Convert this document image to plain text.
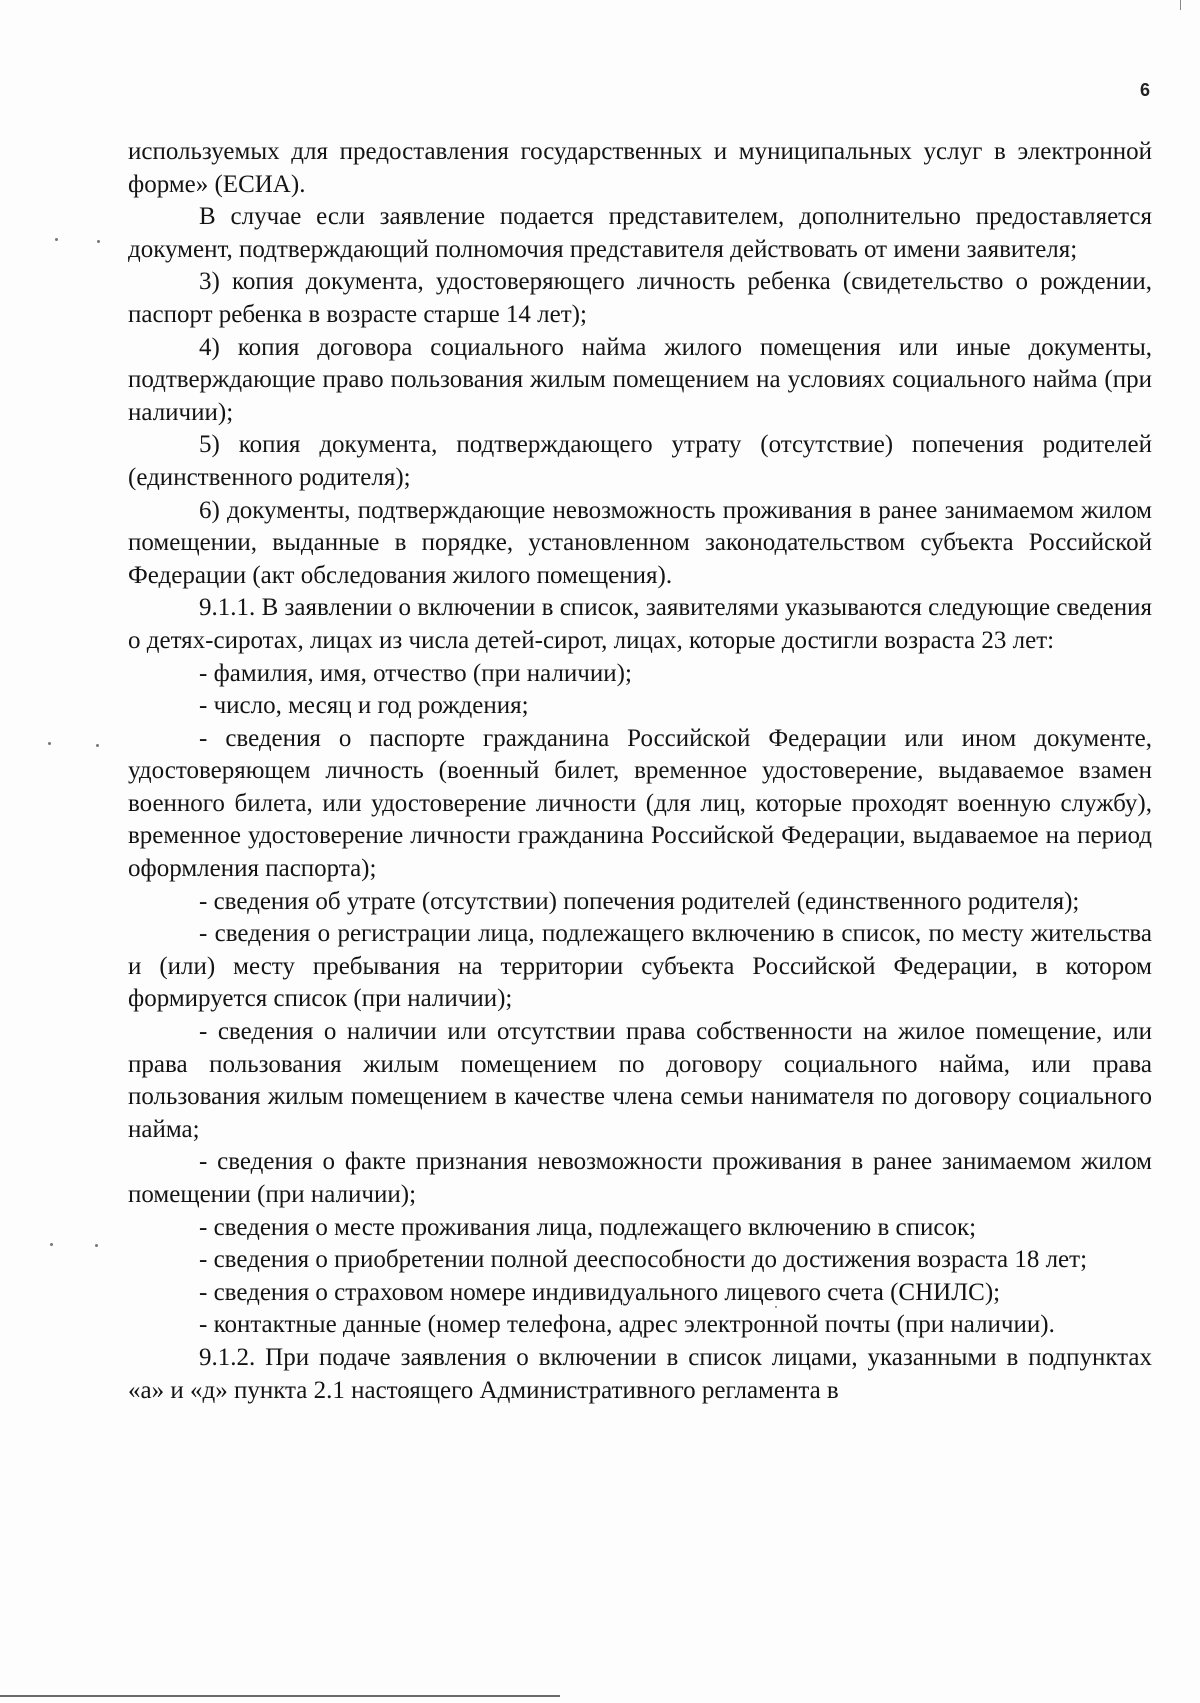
6

используемых для предоставления государственных и муниципальных услуг в электронной форме» (ЕСИА).

В случае если заявление подается представителем, дополнительно предоставляется документ, подтверждающий полномочия представителя действовать от имени заявителя;

3) копия документа, удостоверяющего личность ребенка (свидетельство о рождении, паспорт ребенка в возрасте старше 14 лет);

4) копия договора социального найма жилого помещения или иные документы, подтверждающие право пользования жилым помещением на условиях социального найма (при наличии);

5) копия документа, подтверждающего утрату (отсутствие) попечения родителей (единственного родителя);

6) документы, подтверждающие невозможность проживания в ранее занимаемом жилом помещении, выданные в порядке, установленном законодательством субъекта Российской Федерации (акт обследования жилого помещения).

9.1.1. В заявлении о включении в список, заявителями указываются следующие сведения о детях-сиротах, лицах из числа детей-сирот, лицах, которые достигли возраста 23 лет:

- фамилия, имя, отчество (при наличии);

- число, месяц и год рождения;

- сведения о паспорте гражданина Российской Федерации или ином документе, удостоверяющем личность (военный билет, временное удостоверение, выдаваемое взамен военного билета, или удостоверение личности (для лиц, которые проходят военную службу), временное удостоверение личности гражданина Российской Федерации, выдаваемое на период оформления паспорта);

- сведения об утрате (отсутствии) попечения родителей (единственного родителя);

- сведения о регистрации лица, подлежащего включению в список, по месту жительства и (или) месту пребывания на территории субъекта Российской Федерации, в котором формируется список (при наличии);

- сведения о наличии или отсутствии права собственности на жилое помещение, или права пользования жилым помещением по договору социального найма, или права пользования жилым помещением в качестве члена семьи нанимателя по договору социального найма;

- сведения о факте признания невозможности проживания в ранее занимаемом жилом помещении (при наличии);

- сведения о месте проживания лица, подлежащего включению в список;

- сведения о приобретении полной дееспособности до достижения возраста 18 лет;

- сведения о страховом номере индивидуального лицевого счета (СНИЛС);

- контактные данные (номер телефона, адрес электронной почты (при наличии).

9.1.2. При подаче заявления о включении в список лицами, указанными в подпунктах «а» и «д» пункта 2.1 настоящего Административного регламента в
